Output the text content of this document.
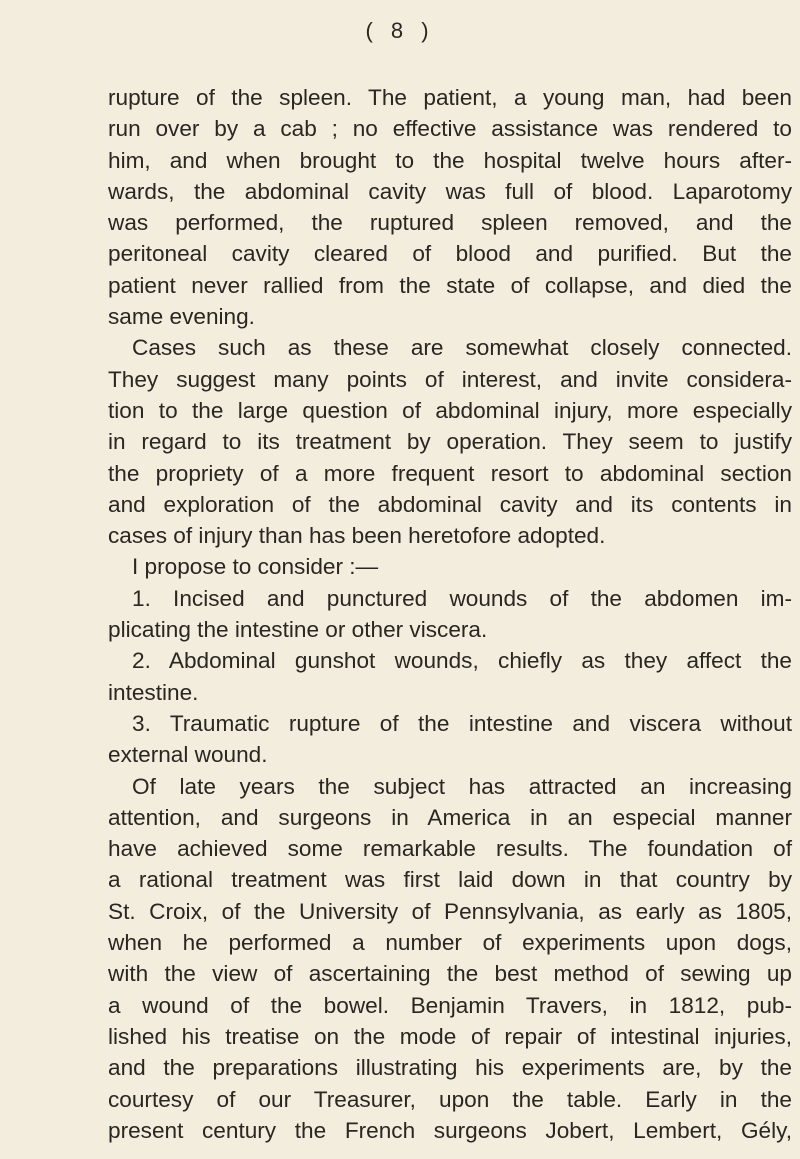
( 8 )
rupture of the spleen. The patient, a young man, had been
run over by a cab ; no effective assistance was rendered to
him, and when brought to the hospital twelve hours after-
wards, the abdominal cavity was full of blood. Laparotomy
was performed, the ruptured spleen removed, and the
peritoneal cavity cleared of blood and purified. But the
patient never rallied from the state of collapse, and died the
same evening.
Cases such as these are somewhat closely connected.
They suggest many points of interest, and invite considera-
tion to the large question of abdominal injury, more especially
in regard to its treatment by operation. They seem to justify
the propriety of a more frequent resort to abdominal section
and exploration of the abdominal cavity and its contents in
cases of injury than has been heretofore adopted.
I propose to consider :—
1. Incised and punctured wounds of the abdomen im-
plicating the intestine or other viscera.
2. Abdominal gunshot wounds, chiefly as they affect the
intestine.
3. Traumatic rupture of the intestine and viscera without
external wound.
Of late years the subject has attracted an increasing
attention, and surgeons in America in an especial manner
have achieved some remarkable results. The foundation of
a rational treatment was first laid down in that country by
St. Croix, of the University of Pennsylvania, as early as 1805,
when he performed a number of experiments upon dogs,
with the view of ascertaining the best method of sewing up
a wound of the bowel. Benjamin Travers, in 1812, pub-
lished his treatise on the mode of repair of intestinal injuries,
and the preparations illustrating his experiments are, by the
courtesy of our Treasurer, upon the table. Early in the
present century the French surgeons Jobert, Lembert, Gély,
